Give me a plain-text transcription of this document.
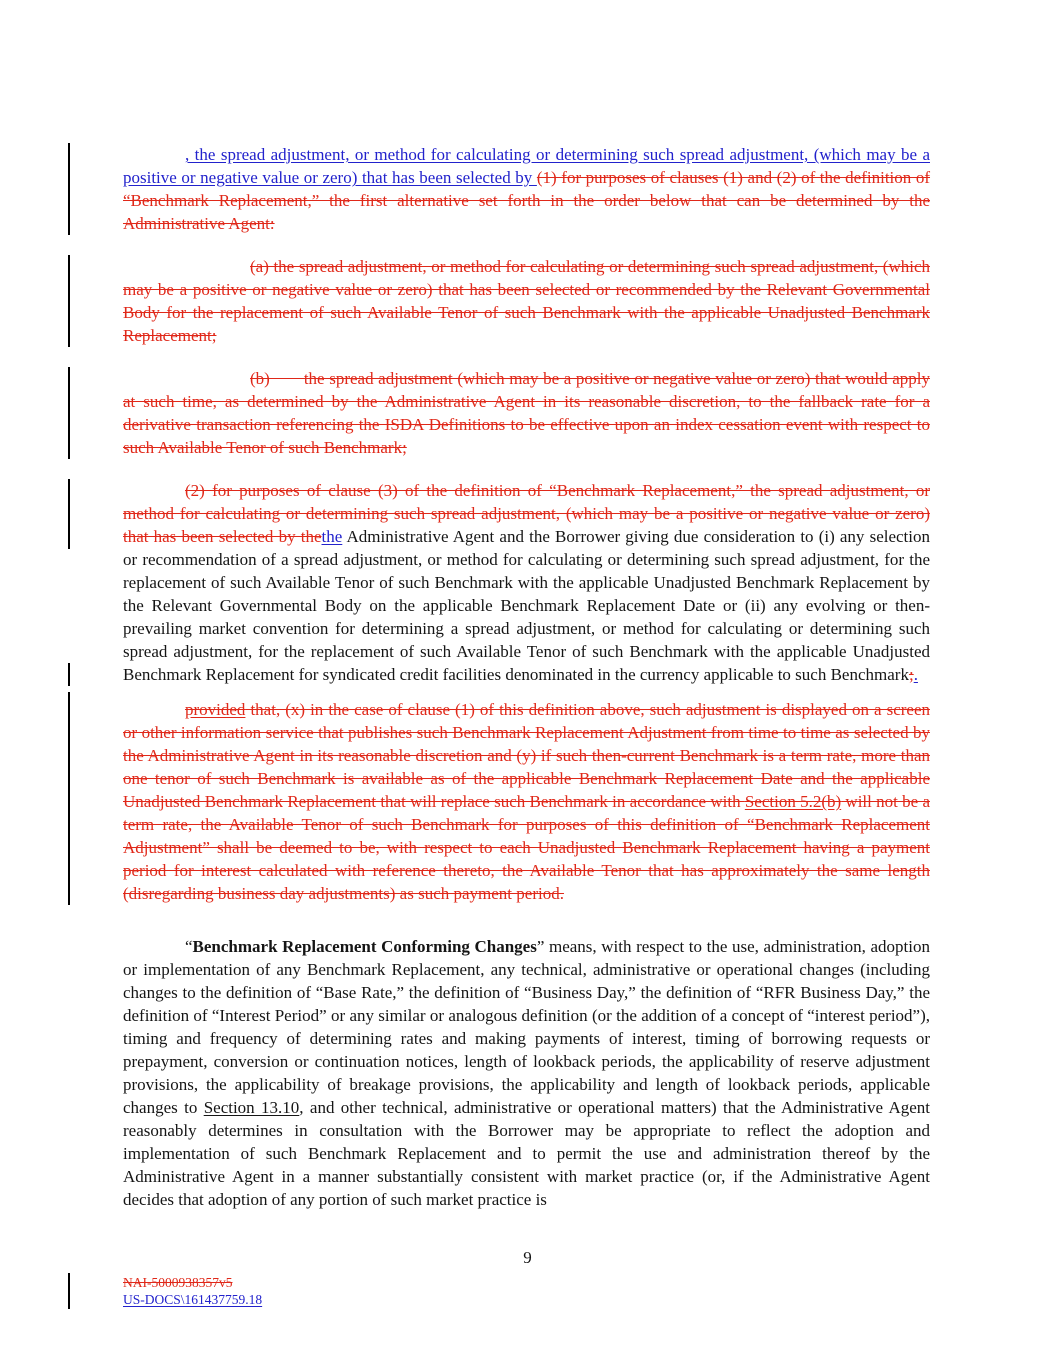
, the spread adjustment, or method for calculating or determining such spread adjustment, (which may be a positive or negative value or zero) that has been selected by (1) for purposes of clauses (1) and (2) of the definition of “Benchmark Replacement,” the first alternative set forth in the order below that can be determined by the Administrative Agent:

(a) the spread adjustment, or method for calculating or determining such spread adjustment, (which may be a positive or negative value or zero) that has been selected or recommended by the Relevant Governmental Body for the replacement of such Available Tenor of such Benchmark with the applicable Unadjusted Benchmark Replacement;

(b)  the spread adjustment (which may be a positive or negative value or zero) that would apply at such time, as determined by the Administrative Agent in its reasonable discretion, to the fallback rate for a derivative transaction referencing the ISDA Definitions to be effective upon an index cessation event with respect to such Available Tenor of such Benchmark;

(2) for purposes of clause (3) of the definition of “Benchmark Replacement,” the spread adjustment, or method for calculating or determining such spread adjustment, (which may be a positive or negative value or zero) that has been selected by thethe Administrative Agent and the Borrower giving due consideration to (i) any selection or recommendation of a spread adjustment, or method for calculating or determining such spread adjustment, for the replacement of such Available Tenor of such Benchmark with the applicable Unadjusted Benchmark Replacement by the Relevant Governmental Body on the applicable Benchmark Replacement Date or (ii) any evolving or then-prevailing market convention for determining a spread adjustment, or method for calculating or determining such spread adjustment, for the replacement of such Available Tenor of such Benchmark with the applicable Unadjusted Benchmark Replacement for syndicated credit facilities denominated in the currency applicable to such Benchmark;.

provided that, (x) in the case of clause (1) of this definition above, such adjustment is displayed on a screen or other information service that publishes such Benchmark Replacement Adjustment from time to time as selected by the Administrative Agent in its reasonable discretion and (y) if such then-current Benchmark is a term rate, more than one tenor of such Benchmark is available as of the applicable Benchmark Replacement Date and the applicable Unadjusted Benchmark Replacement that will replace such Benchmark in accordance with Section 5.2(b) will not be a term rate, the Available Tenor of such Benchmark for purposes of this definition of “Benchmark Replacement Adjustment” shall be deemed to be, with respect to each Unadjusted Benchmark Replacement having a payment period for interest calculated with reference thereto, the Available Tenor that has approximately the same length (disregarding business day adjustments) as such payment period.

“Benchmark Replacement Conforming Changes” means, with respect to the use, administration, adoption or implementation of any Benchmark Replacement, any technical, administrative or operational changes (including changes to the definition of “Base Rate,” the definition of “Business Day,” the definition of “RFR Business Day,” the definition of “Interest Period” or any similar or analogous definition (or the addition of a concept of “interest period”), timing and frequency of determining rates and making payments of interest, timing of borrowing requests or prepayment, conversion or continuation notices, length of lookback periods, the applicability of reserve adjustment provisions, the applicability of breakage provisions, the applicability and length of lookback periods, applicable changes to Section 13.10, and other technical, administrative or operational matters) that the Administrative Agent reasonably determines in consultation with the Borrower may be appropriate to reflect the adoption and implementation of such Benchmark Replacement and to permit the use and administration thereof by the Administrative Agent in a manner substantially consistent with market practice (or, if the Administrative Agent decides that adoption of any portion of such market practice is

9
NAI-5000938357v5
US-DOCS\161437759.18
